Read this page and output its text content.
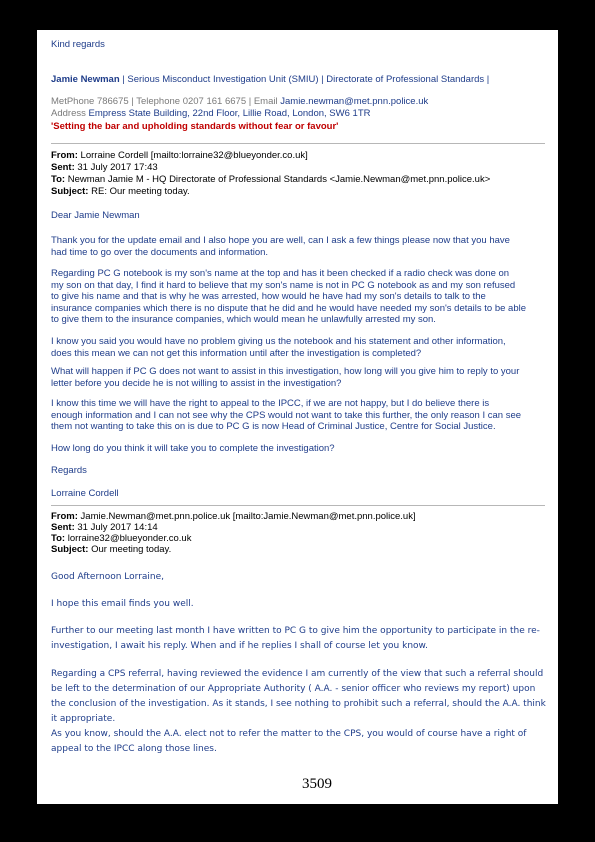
Kind regards
Jamie Newman | Serious Misconduct Investigation Unit (SMIU) | Directorate of Professional Standards |
MetPhone 786675 | Telephone 0207 161 6675 | Email Jamie.newman@met.pnn.police.uk
Address Empress State Building, 22nd Floor, Lillie Road, London, SW6 1TR
'Setting the bar and upholding standards without fear or favour'
From: Lorraine Cordell [mailto:lorraine32@blueyonder.co.uk]
Sent: 31 July 2017 17:43
To: Newman Jamie M - HQ Directorate of Professional Standards <Jamie.Newman@met.pnn.police.uk>
Subject: RE: Our meeting today.
Dear Jamie Newman
Thank you for the update email and I also hope you are well, can I ask a few things please now that you have
had time to go over the documents and information.
Regarding PC G notebook is my son's name at the top and has it been checked if a radio check was done on
my son on that day, I find it hard to believe that my son's name is not in PC G notebook as and my son refused
to give his name and that is why he was arrested, how would he have had my son's details to talk to the
insurance companies which there is no dispute that he did and he would have needed my son's details to be able
to give them to the insurance companies, which would mean he unlawfully arrested my son.
I know you said you would have no problem giving us the notebook and his statement and other information,
does this mean we can not get this information until after the investigation is completed?
What will happen if PC G does not want to assist in this investigation, how long will you give him to reply to your
letter before you decide he is not willing to assist in the investigation?
I know this time we will have the right to appeal to the IPCC, if we are not happy, but I do believe there is
enough information and I can not see why the CPS would not want to take this further, the only reason I can see
them not wanting to take this on is due to PC G is now Head of Criminal Justice, Centre for Social Justice.
How long do you think it will take you to complete the investigation?
Regards
Lorraine Cordell
From: Jamie.Newman@met.pnn.police.uk [mailto:Jamie.Newman@met.pnn.police.uk]
Sent: 31 July 2017 14:14
To: lorraine32@blueyonder.co.uk
Subject: Our meeting today.
Good Afternoon Lorraine,
I hope this email finds you well.
Further to our meeting last month I have written to PC G to give him the opportunity to participate in the re-
investigation, I await his reply. When and if he replies I shall of course let you know.
Regarding a CPS referral, having reviewed the evidence I am currently of the view that such a referral should
be left to the determination of our Appropriate Authority ( A.A. - senior officer who reviews my report) upon
the conclusion of the investigation. As it stands, I see nothing to prohibit such a referral, should the A.A. think
it appropriate.
As you know, should the A.A. elect not to refer the matter to the CPS, you would of course have a right of
appeal to the IPCC along those lines.
3509
